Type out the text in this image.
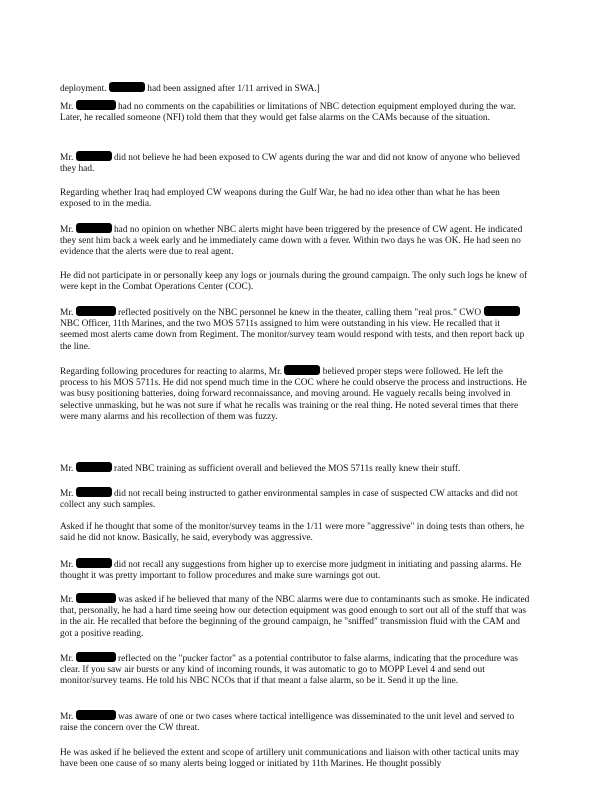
deployment.	had been assigned after 1/11 arrived in SWA.]

Mr.	had no comments on the capabilities or limitations of NBC detection equipment employed during the war. Later, he recalled someone (NFI) told them that they would get false alarms on the CAMs because of the situation.

Mr.	did not believe he had been exposed to CW agents during the war and did not know of anyone who believed they had.

Regarding whether Iraq had employed CW weapons during the Gulf War, he had no idea other than what he has been exposed to in the media.

Mr.	had no opinion on whether NBC alerts might have been triggered by the presence of CW agent. He indicated they sent him back a week early and he immediately came down with a fever. Within two days he was OK. He had seen no evidence that the alerts were due to real agent.

He did not participate in or personally keep any logs or journals during the ground campaign. The only such logs he knew of were kept in the Combat Operations Center (COC).

Mr.	reflected positively on the NBC personnel he knew in the theater, calling them "real pros." CWO  NBC Officer, 11th Marines, and the two MOS 5711s assigned to him were outstanding in his view. He recalled that it seemed most alerts came down from Regiment. The monitor/survey team would respond with tests, and then report back up the line.

Regarding following procedures for reacting to alarms, Mr.	believed proper steps were followed. He left the process to his MOS 5711s. He did not spend much time in the COC where he could observe the process and instructions. He was busy positioning batteries, doing forward reconnaissance, and moving around. He vaguely recalls being involved in selective unmasking, but he was not sure if what he recalls was training or the real thing. He noted several times that there were many alarms and his recollection of them was fuzzy.

Mr.	rated NBC training as sufficient overall and believed the MOS 5711s really knew their stuff.

Mr.	did not recall being instructed to gather environmental samples in case of suspected CW attacks and did not collect any such samples.

Asked if he thought that some of the monitor/survey teams in the 1/11 were more "aggressive" in doing tests than others, he said he did not know. Basically, he said, everybody was aggressive.

Mr.	did not recall any suggestions from higher up to exercise more judgment in initiating and passing alarms. He thought it was pretty important to follow procedures and make sure warnings got out.

Mr.	was asked if he believed that many of the NBC alarms were due to contaminants such as smoke. He indicated that, personally, he had a hard time seeing how our detection equipment was good enough to sort out all of the stuff that was in the air. He recalled that before the beginning of the ground campaign, he "sniffed" transmission fluid with the CAM and got a positive reading.

Mr.	reflected on the "pucker factor" as a potential contributor to false alarms, indicating that the procedure was clear. If you saw air bursts or any kind of incoming rounds, it was automatic to go to MOPP Level 4 and send out monitor/survey teams. He told his NBC NCOs that if that meant a false alarm, so be it. Send it up the line.

Mr.	was aware of one or two cases where tactical intelligence was disseminated to the unit level and served to raise the concern over the CW threat.

He was asked if he believed the extent and scope of artillery unit communications and liaison with other tactical units may have been one cause of so many alerts being logged or initiated by 11th Marines. He thought possibly
